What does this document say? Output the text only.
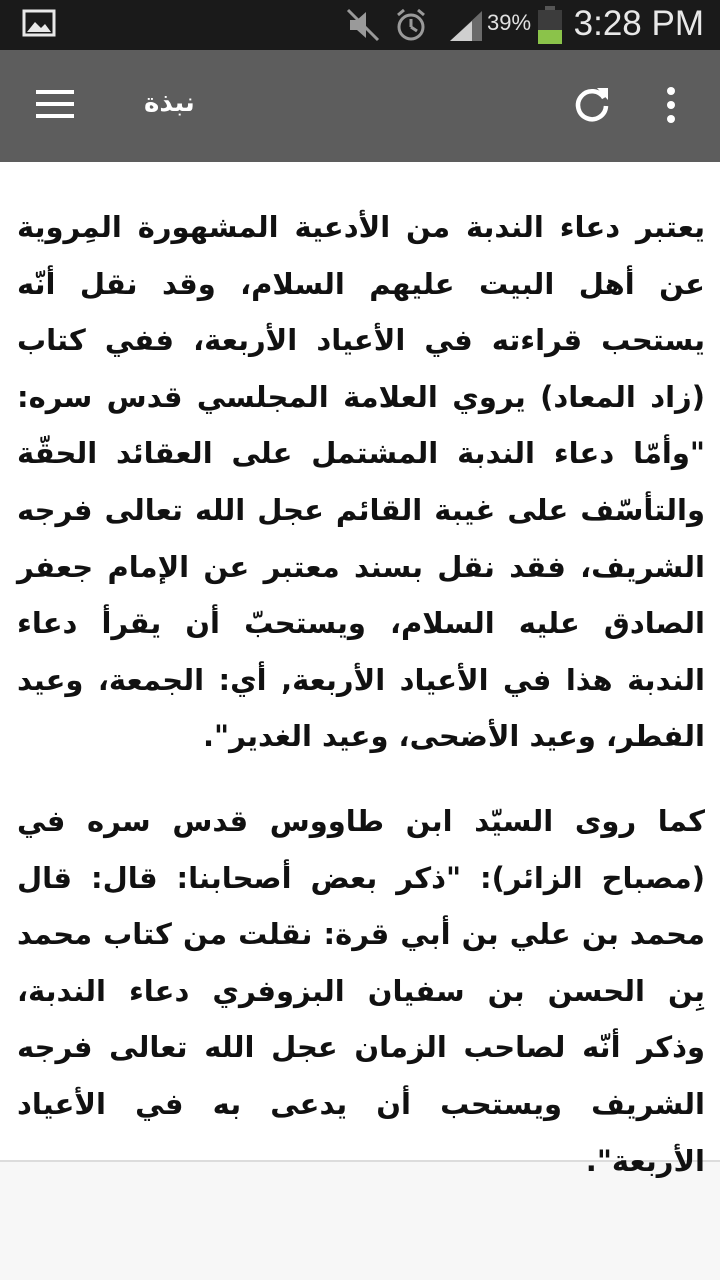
39% 3:28 PM
نبذة

يعتبر دعاء الندبة من الأدعية المشهورة المِروية عن أهل البيت عليهم السلام، وقد نقل أنّه يستحب قراءته في الأعياد الأربعة، ففي كتاب (زاد المعاد) يروي العلامة المجلسي قدس سره: "وأمّا دعاء الندبة المشتمل على العقائد الحقّة والتأسّف على غيبة القائم عجل الله تعالى فرجه الشريف، فقد نقل بسند معتبر عن الإمام جعفر الصادق عليه السلام، ويستحبّ أن يقرأ دعاء الندبة هذا في الأعياد الأربعة, أي: الجمعة، وعيد الفطر، وعيد الأضحى، وعيد الغدير".

كما روى السيّد ابن طاووس قدس سره في (مصباح الزائر): "ذكر بعض أصحابنا: قال: قال محمد بن علي بن أبي قرة: نقلت من كتاب محمد بِن الحسن بن سفيان البزوفري دعاء الندبة، وذكر أنّه لصاحب الزمان عجل الله تعالى فرجه الشريف ويستحب أن يدعى به في الأعياد الأربعة".
